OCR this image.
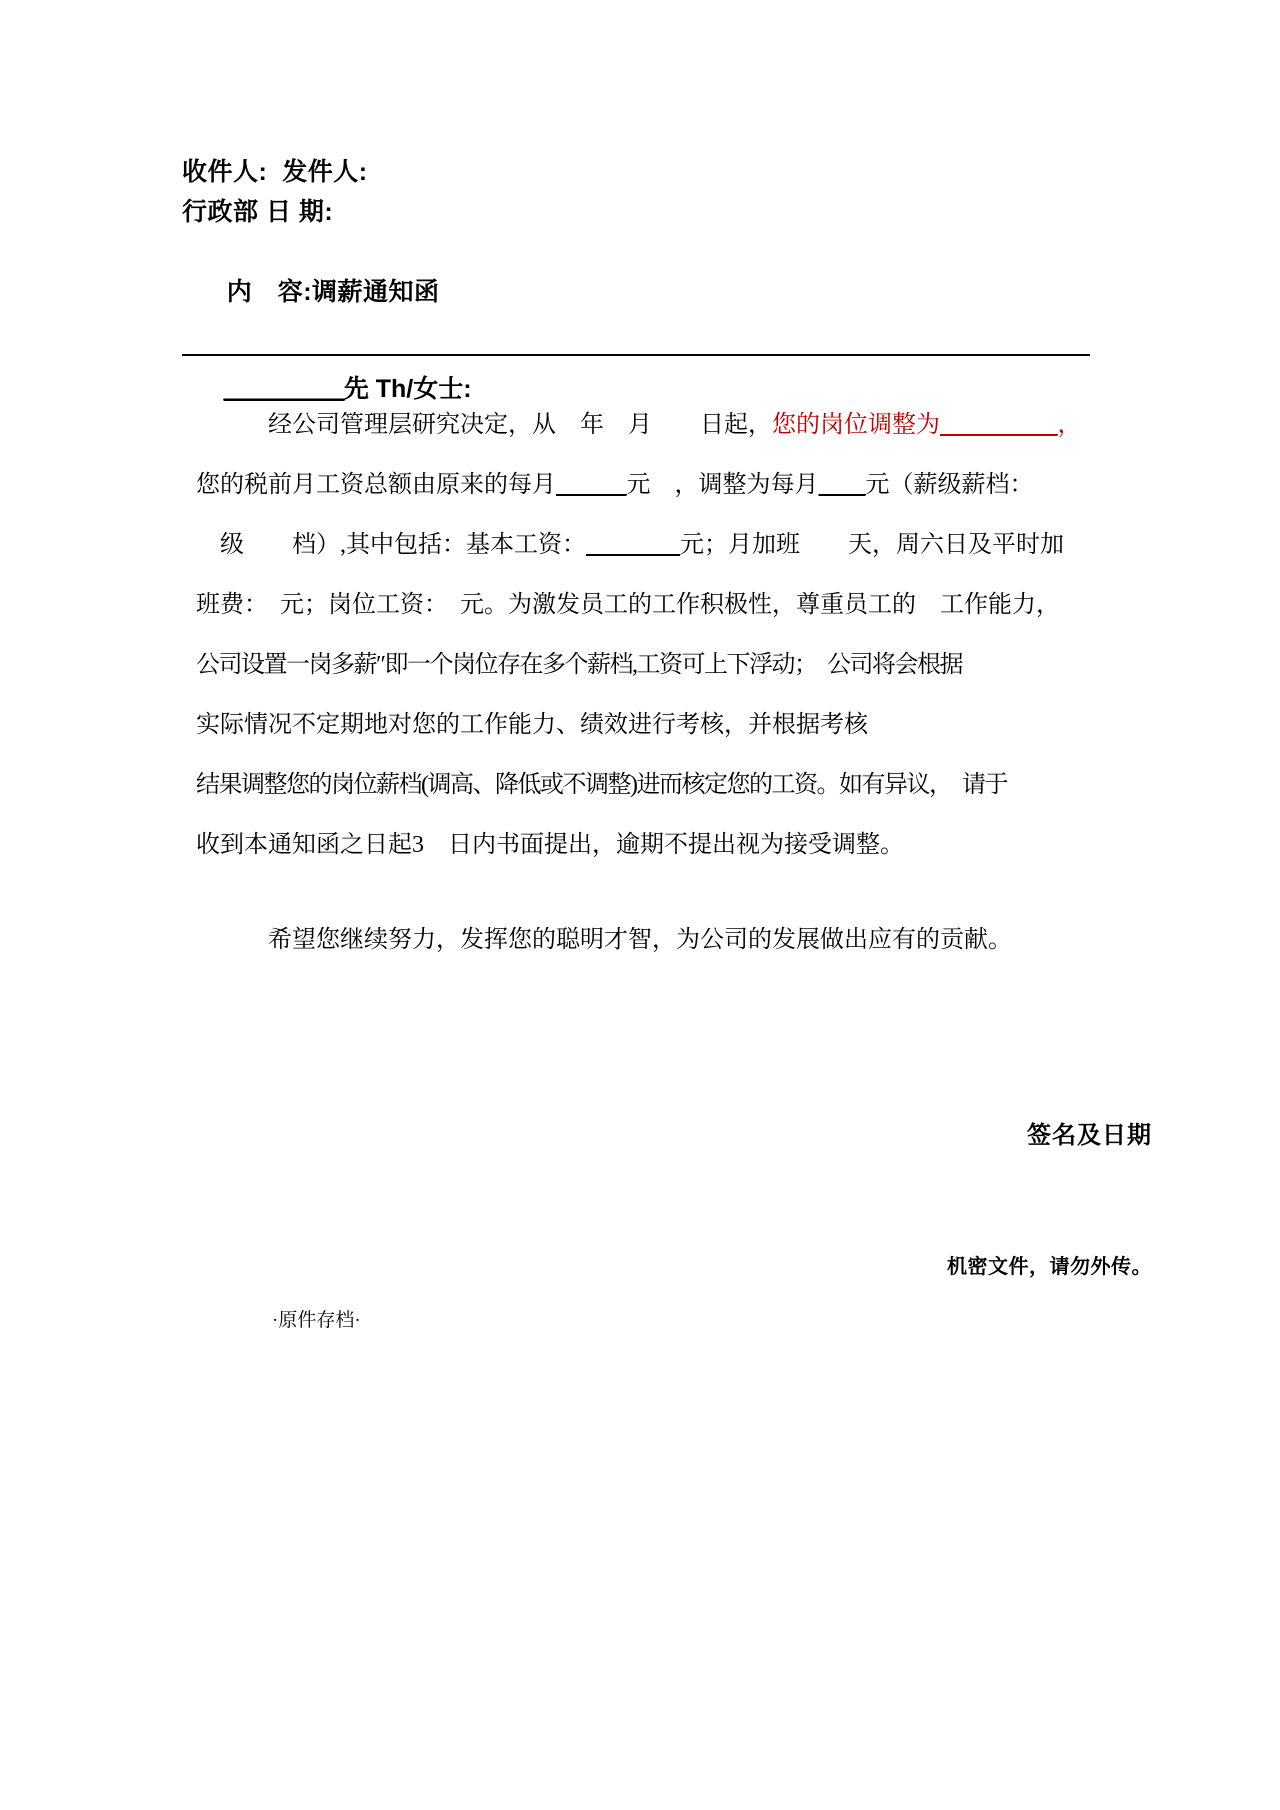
收件人:  发件人:
行政部 日 期:

内　容:调薪通知函

＿＿＿＿＿先 Th/女士:

　　　经公司管理层研究决定，从　年　月　　日起，您的岗位调整为＿＿＿＿＿，

您的税前月工资总额由原来的每月＿＿＿元　，调整为每月＿＿元（薪级薪档：

　级　　档）,其中包括：基本工资：＿＿＿＿元；月加班　　天，周六日及平时加

班费：　元；岗位工资：　元。为激发员工的工作积极性，尊重员工的　工作能力，

公司设置一岗多薪″即一个岗位存在多个薪档,工资可上下浮动；　公司将会根据

实际情况不定期地对您的工作能力、绩效进行考核，并根据考核

结果调整您的岗位薪档(调高、降低或不调整)进而核定您的工资。如有异议，　请于

收到本通知函之日起3　日内书面提出，逾期不提出视为接受调整。

　　　希望您继续努力，发挥您的聪明才智，为公司的发展做出应有的贡献。

签名及日期
机密文件，请勿外传。
·原件存档·
